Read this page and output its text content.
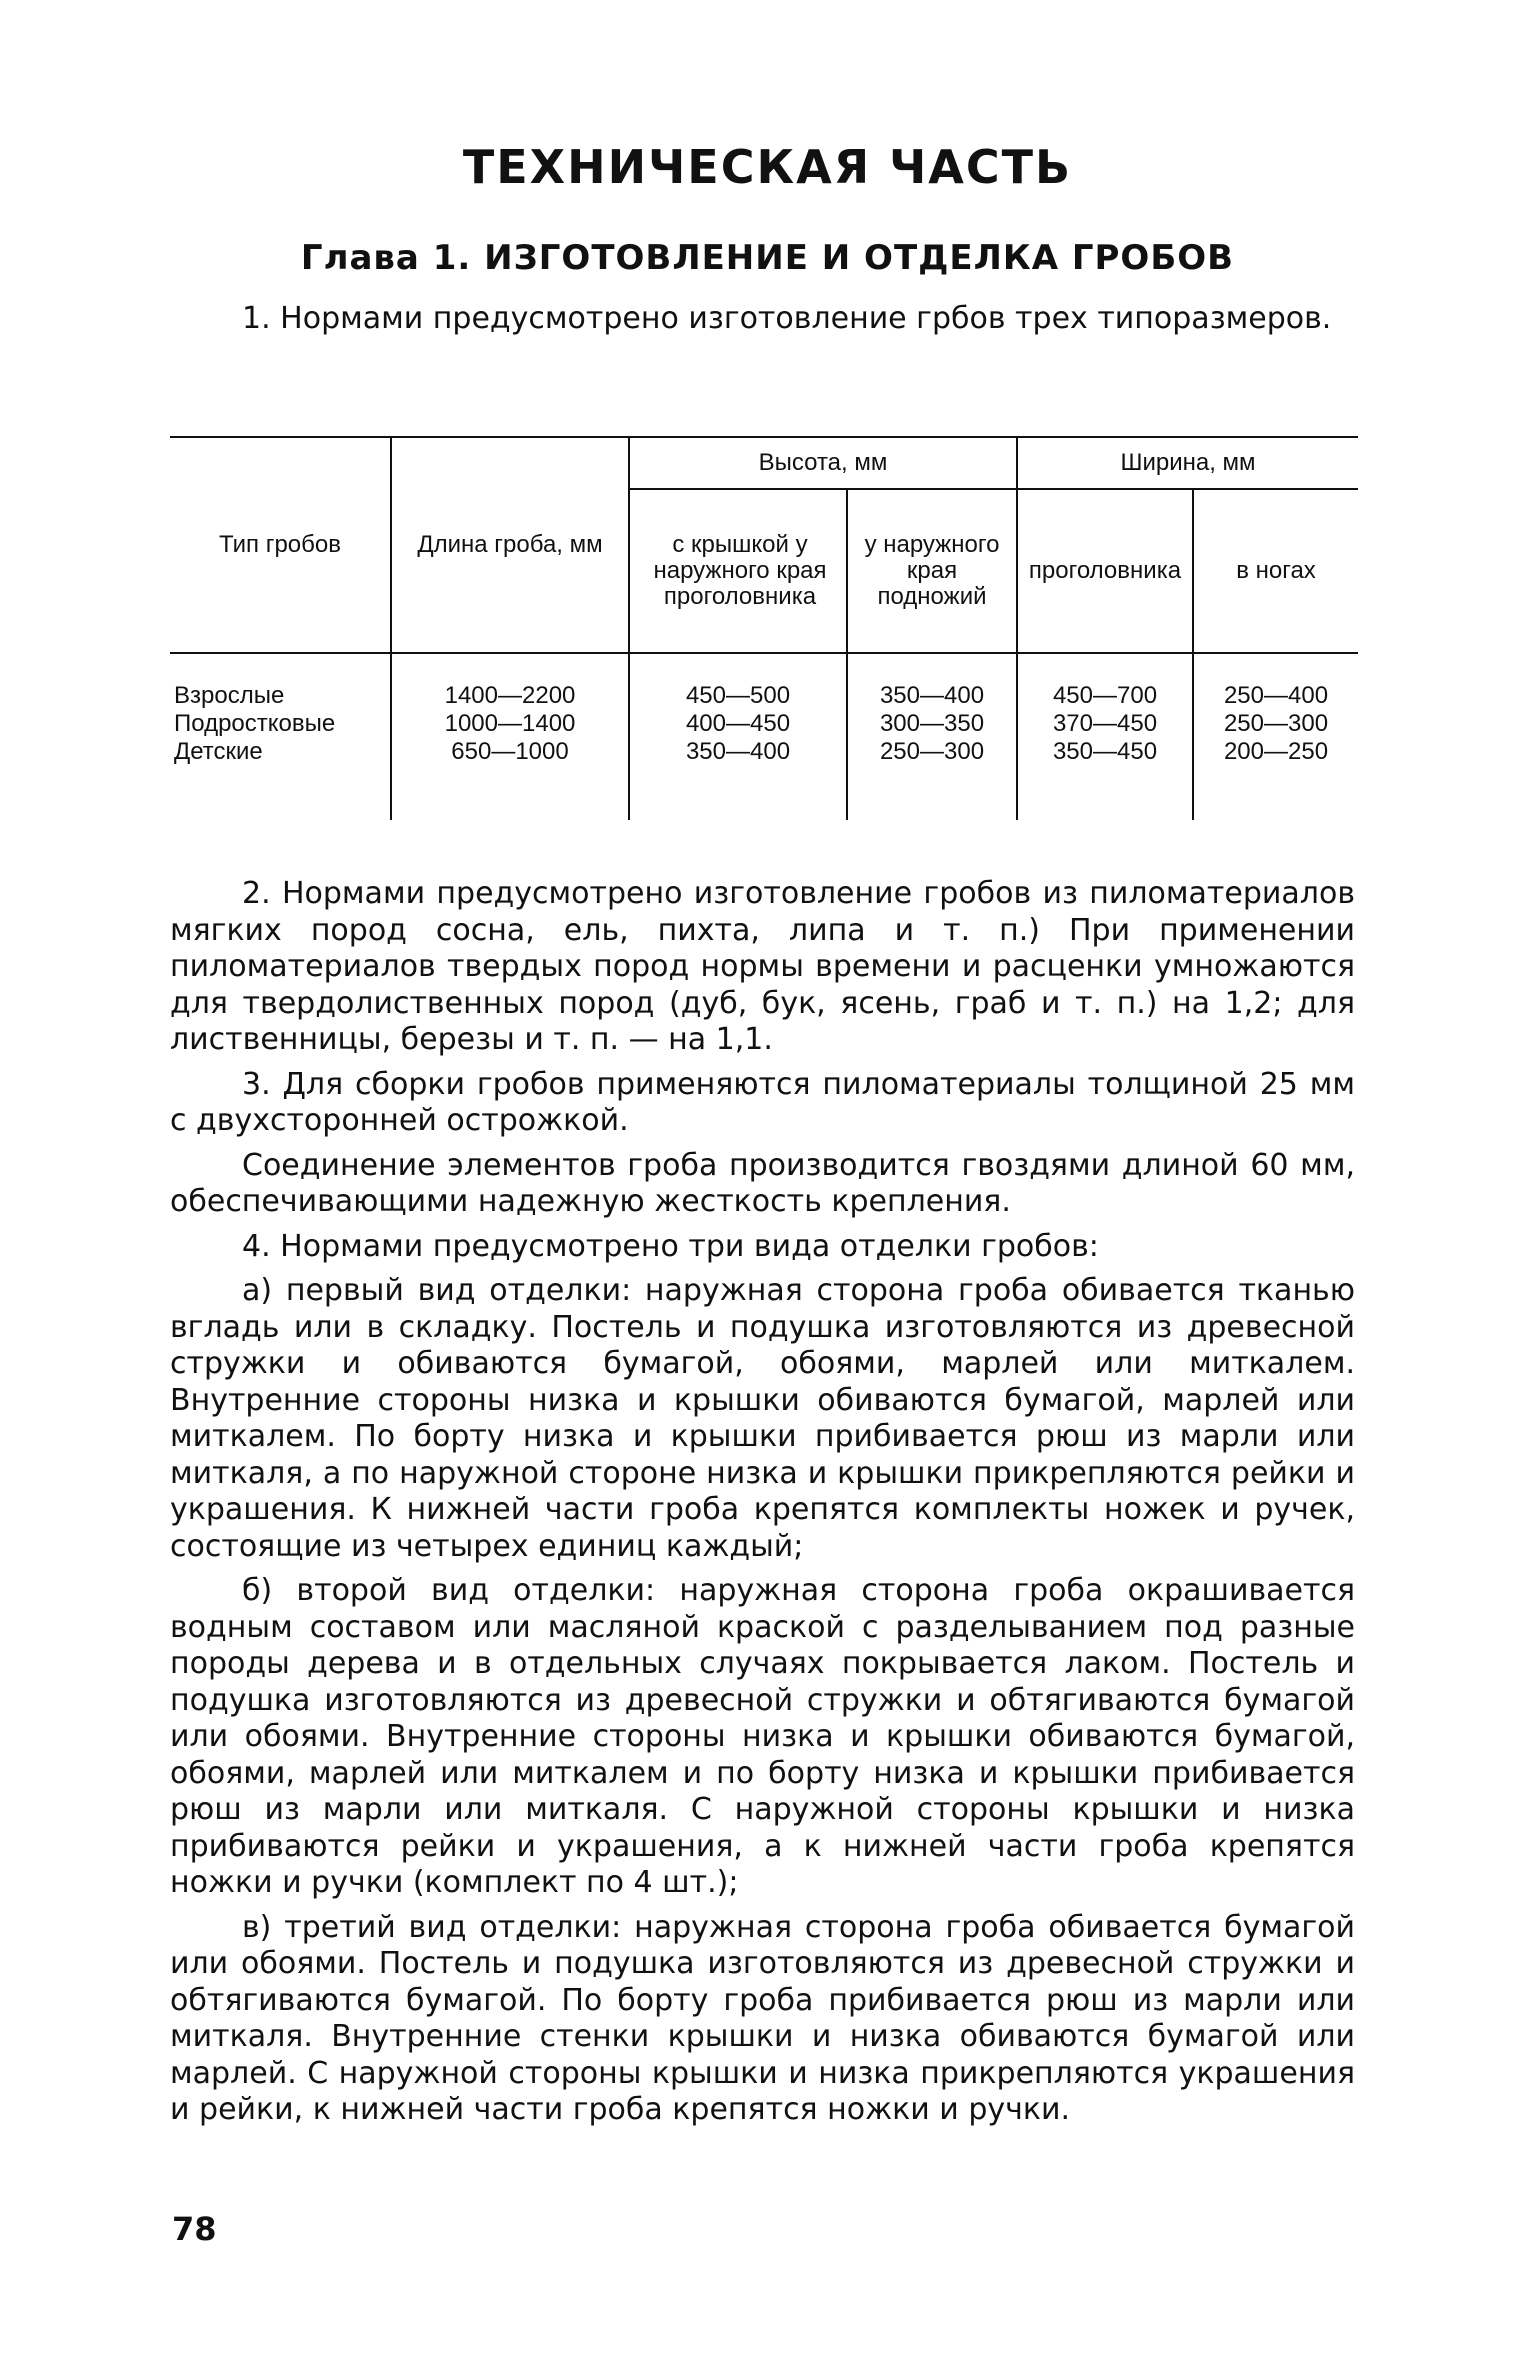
ТЕХНИЧЕСКАЯ ЧАСТЬ
Глава 1. ИЗГОТОВЛЕНИЕ И ОТДЕЛКА ГРОБОВ

1. Нормами предусмотрено изготовление грбов трех типоразмеров.

Тип гробов	Длина гроба, мм
Высота, мм
с крышкой у наружного края проголовника
у наружного края подножий
Ширина, мм
проголовника	в ногах
Взрослые
Подростковые
Детские
1400—2200
1000—1400
650—1000
450—500
400—450
350—400
350—400
300—350
250—300
450—700
370—450
350—450
250—400
250—300
200—250

2. Нормами предусмотрено изготовление гробов из пиломатериалов мягких пород сосна, ель, пихта, липа и т. п.) При применении пиломатериалов твердых пород нормы времени и расценки умножаются для твердолиственных пород (дуб, бук, ясень, граб и т. п.) на 1,2; для лиственницы, березы и т. п. — на 1,1.

3. Для сборки гробов применяются пиломатериалы толщиной 25 мм с двухсторонней острожкой.

Соединение элементов гроба производится гвоздями длиной 60 мм, обеспечивающими надежную жесткость крепления.

4. Нормами предусмотрено три вида отделки гробов:

а) первый вид отделки: наружная сторона гроба обивается тканью вгладь или в складку. Постель и подушка изготовляются из древесной стружки и обиваются бумагой, обоями, марлей или миткалем. Внутренние стороны низка и крышки обиваются бумагой, марлей или миткалем. По борту низка и крышки прибивается рюш из марли или миткаля, а по наружной стороне низка и крышки прикрепляются рейки и украшения. К нижней части гроба крепятся комплекты ножек и ручек, состоящие из четырех единиц каждый;

б) второй вид отделки: наружная сторона гроба окрашивается водным составом или масляной краской с разделыванием под разные породы дерева и в отдельных случаях покрывается лаком. Постель и подушка изготовляются из древесной стружки и обтягиваются бумагой или обоями. Внутренние стороны низка и крышки обиваются бумагой, обоями, марлей или миткалем и по борту низка и крышки прибивается рюш из марли или миткаля. С наружной стороны крышки и низка прибиваются рейки и украшения, а к нижней части гроба крепятся ножки и ручки (комплект по 4 шт.);

в) третий вид отделки: наружная сторона гроба обивается бумагой или обоями. Постель и подушка изготовляются из древесной стружки и обтягиваются бумагой. По борту гроба прибивается рюш из марли или миткаля. Внутренние стенки крышки и низка обиваются бумагой или марлей. С наружной стороны крышки и низка прикрепляются украшения и рейки, к нижней части гроба крепятся ножки и ручки.

78
